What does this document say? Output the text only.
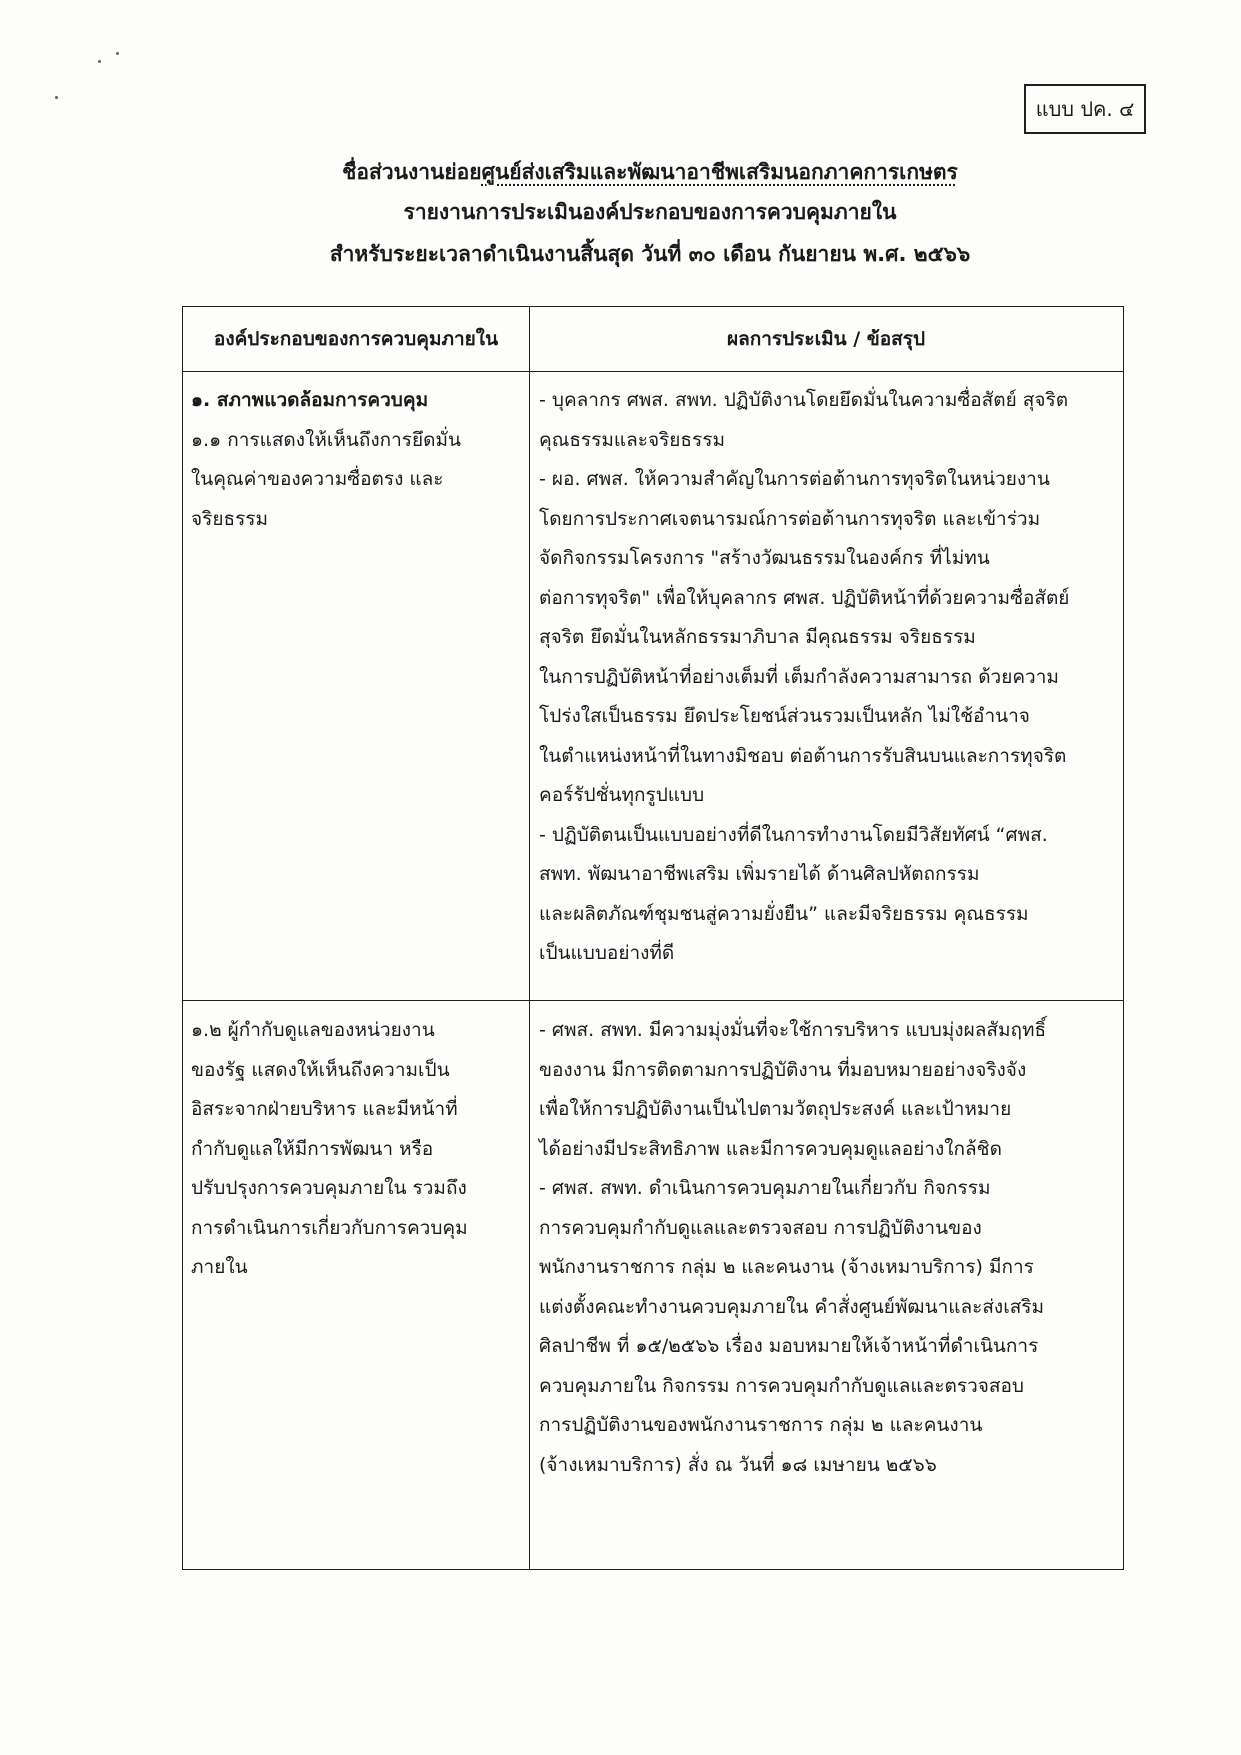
แบบ ปค. ๔
ชื่อส่วนงานย่อยศูนย์ส่งเสริมและพัฒนาอาชีพเสริมนอกภาคการเกษตร
รายงานการประเมินองค์ประกอบของการควบคุมภายใน
สำหรับระยะเวลาดำเนินงานสิ้นสุด วันที่ ๓๐ เดือน กันยายน พ.ศ. ๒๕๖๖
องค์ประกอบของการควบคุมภายใน	ผลการประเมิน / ข้อสรุป
๑. สภาพแวดล้อมการควบคุม
๑.๑ การแสดงให้เห็นถึงการยึดมั่น
ในคุณค่าของความซื่อตรง และ
จริยธรรม
- บุคลากร ศพส. สพท. ปฏิบัติงานโดยยึดมั่นในความซื่อสัตย์ สุจริต
คุณธรรมและจริยธรรม
- ผอ. ศพส. ให้ความสำคัญในการต่อต้านการทุจริตในหน่วยงาน
โดยการประกาศเจตนารมณ์การต่อต้านการทุจริต และเข้าร่วม
จัดกิจกรรมโครงการ "สร้างวัฒนธรรมในองค์กร ที่ไม่ทน
ต่อการทุจริต" เพื่อให้บุคลากร ศพส. ปฏิบัติหน้าที่ด้วยความซื่อสัตย์
สุจริต ยึดมั่นในหลักธรรมาภิบาล มีคุณธรรม จริยธรรม
ในการปฏิบัติหน้าที่อย่างเต็มที่ เต็มกำลังความสามารถ ด้วยความ
โปร่งใสเป็นธรรม ยึดประโยชน์ส่วนรวมเป็นหลัก ไม่ใช้อำนาจ
ในตำแหน่งหน้าที่ในทางมิชอบ ต่อต้านการรับสินบนและการทุจริต
คอร์รัปชั่นทุกรูปแบบ
- ปฏิบัติตนเป็นแบบอย่างที่ดีในการทำงานโดยมีวิสัยทัศน์ “ศพส.
สพท. พัฒนาอาชีพเสริม เพิ่มรายได้ ด้านศิลปหัตถกรรม
และผลิตภัณฑ์ชุมชนสู่ความยั่งยืน” และมีจริยธรรม คุณธรรม
เป็นแบบอย่างที่ดี
๑.๒ ผู้กำกับดูแลของหน่วยงาน
ของรัฐ แสดงให้เห็นถึงความเป็น
อิสระจากฝ่ายบริหาร และมีหน้าที่
กำกับดูแลให้มีการพัฒนา หรือ
ปรับปรุงการควบคุมภายใน รวมถึง
การดำเนินการเกี่ยวกับการควบคุม
ภายใน
- ศพส. สพท. มีความมุ่งมั่นที่จะใช้การบริหาร แบบมุ่งผลสัมฤทธิ์
ของงาน มีการติดตามการปฏิบัติงาน ที่มอบหมายอย่างจริงจัง
เพื่อให้การปฏิบัติงานเป็นไปตามวัตถุประสงค์ และเป้าหมาย
ได้อย่างมีประสิทธิภาพ และมีการควบคุมดูแลอย่างใกล้ชิด
- ศพส. สพท. ดำเนินการควบคุมภายในเกี่ยวกับ กิจกรรม
การควบคุมกำกับดูแลและตรวจสอบ การปฏิบัติงานของ
พนักงานราชการ กลุ่ม ๒ และคนงาน (จ้างเหมาบริการ) มีการ
แต่งตั้งคณะทำงานควบคุมภายใน คำสั่งศูนย์พัฒนาและส่งเสริม
ศิลปาชีพ ที่ ๑๕/๒๕๖๖ เรื่อง มอบหมายให้เจ้าหน้าที่ดำเนินการ
ควบคุมภายใน กิจกรรม การควบคุมกำกับดูแลและตรวจสอบ
การปฏิบัติงานของพนักงานราชการ กลุ่ม ๒ และคนงาน
(จ้างเหมาบริการ) สั่ง ณ วันที่ ๑๘ เมษายน ๒๕๖๖
